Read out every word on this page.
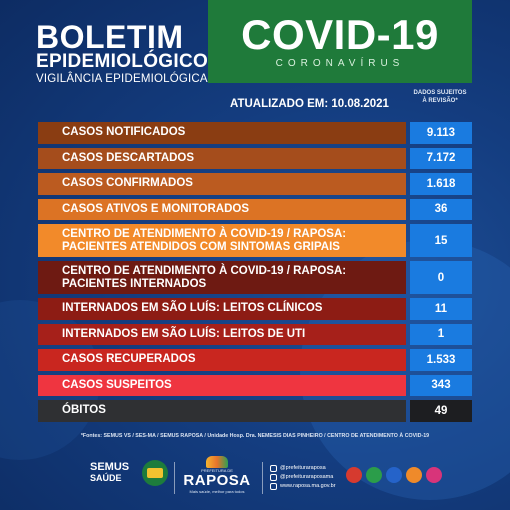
BOLETIM
EPIDEMIOLÓGICO
VIGILÂNCIA EPIDEMIOLÓGICA
COVID-19
CORONAVÍRUS
ATUALIZADO EM: 10.08.2021
DADOS SUJEITOS À REVISÃO*
CASOS NOTIFICADOS	9.113
CASOS DESCARTADOS	7.172
CASOS CONFIRMADOS	1.618
CASOS ATIVOS E MONITORADOS	36
CENTRO DE ATENDIMENTO À COVID-19 / RAPOSA: PACIENTES ATENDIDOS COM SINTOMAS GRIPAIS	15
CENTRO DE ATENDIMENTO À COVID-19 / RAPOSA: PACIENTES INTERNADOS	0
INTERNADOS EM SÃO LUÍS: LEITOS CLÍNICOS	11
INTERNADOS EM SÃO LUÍS: LEITOS DE UTI	1
CASOS RECUPERADOS	1.533
CASOS SUSPEITOS	343
ÓBITOS	49
*Fontes: SEMUS VS / SES-MA / SEMUS RAPOSA / Unidade Hosp. Dra. NEMESIS DIAS PINHEIRO / CENTRO DE ATENDIMENTO À COVID-19
SEMUS
SAÚDE
PREFEITURA DE
RAPOSA
Mais saúde, melhor para todos
@prefeituraraposa
@prefeituraraposama
www.raposa.ma.gov.br
